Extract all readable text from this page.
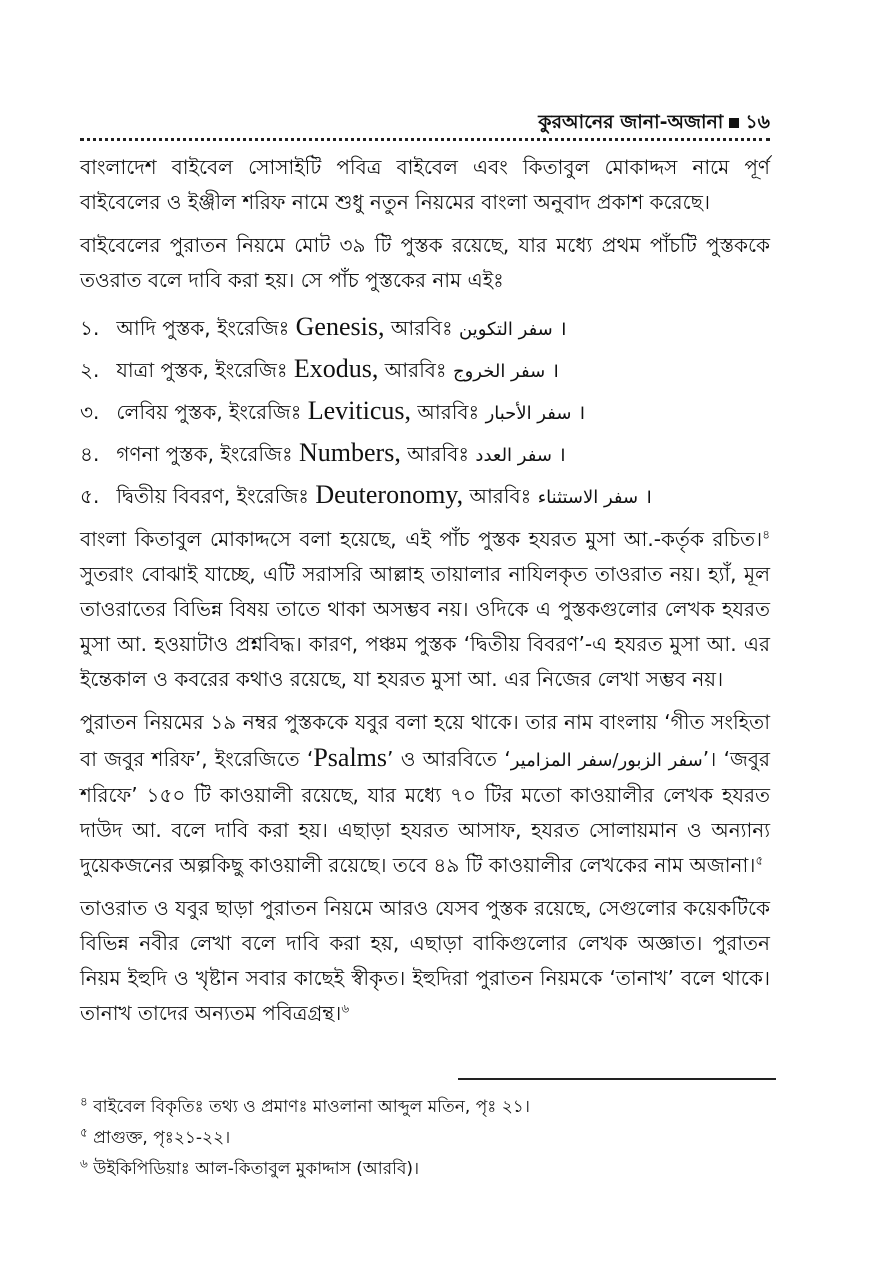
কুরআনের জানা-অজানা ১৬

বাংলাদেশ বাইবেল সোসাইটি পবিত্র বাইবেল এবং কিতাবুল মোকাদ্দস নামে পূর্ণ বাইবেলের ও ইঞ্জীল শরিফ নামে শুধু নতুন নিয়মের বাংলা অনুবাদ প্রকাশ করেছে।

বাইবেলের পুরাতন নিয়মে মোট ৩৯ টি পুস্তক রয়েছে, যার মধ্যে প্রথম পাঁচটি পুস্তককে তওরাত বলে দাবি করা হয়। সে পাঁচ পুস্তকের নাম এইঃ

১. আদি পুস্তক, ইংরেজিঃ Genesis, আরবিঃ سفر التكوين ।
২. যাত্রা পুস্তক, ইংরেজিঃ Exodus, আরবিঃ سفر الخروج ।
৩. লেবিয় পুস্তক, ইংরেজিঃ Leviticus, আরবিঃ سفر الأحبار ।
৪. গণনা পুস্তক, ইংরেজিঃ Numbers, আরবিঃ سفر العدد ।
৫. দ্বিতীয় বিবরণ, ইংরেজিঃ Deuteronomy, আরবিঃ سفر الاستثناء ।

বাংলা কিতাবুল মোকাদ্দসে বলা হয়েছে, এই পাঁচ পুস্তক হযরত মুসা আ.-কর্তৃক রচিত।$^৪$ সুতরাং বোঝাই যাচ্ছে, এটি সরাসরি আল্লাহ তায়ালার নাযিলকৃত তাওরাত নয়। হ্যাঁ, মূল তাওরাতের বিভিন্ন বিষয় তাতে থাকা অসম্ভব নয়। ওদিকে এ পুস্তকগুলোর লেখক হযরত মুসা আ. হওয়াটাও প্রশ্নবিদ্ধ। কারণ, পঞ্চম পুস্তক ‘দ্বিতীয় বিবরণ’-এ হযরত মুসা আ. এর ইন্তেকাল ও কবরের কথাও রয়েছে, যা হযরত মুসা আ. এর নিজের লেখা সম্ভব নয়।

পুরাতন নিয়মের ১৯ নম্বর পুস্তককে যবুর বলা হয়ে থাকে। তার নাম বাংলায় ‘গীত সংহিতা বা জবুর শরিফ’, ইংরেজিতে ‘Psalms’ ও আরবিতে ‘سفر الزبور/سفر المزامير’। ‘জবুর শরিফে’ ১৫০ টি কাওয়ালী রয়েছে, যার মধ্যে ৭০ টির মতো কাওয়ালীর লেখক হযরত দাউদ আ. বলে দাবি করা হয়। এছাড়া হযরত আসাফ, হযরত সোলায়মান ও অন্যান্য দুয়েকজনের অল্পকিছু কাওয়ালী রয়েছে। তবে ৪৯ টি কাওয়ালীর লেখকের নাম অজানা।$^৫$

তাওরাত ও যবুর ছাড়া পুরাতন নিয়মে আরও যেসব পুস্তক রয়েছে, সেগুলোর কয়েকটিকে বিভিন্ন নবীর লেখা বলে দাবি করা হয়, এছাড়া বাকিগুলোর লেখক অজ্ঞাত। পুরাতন নিয়ম ইহুদি ও খৃষ্টান সবার কাছেই স্বীকৃত। ইহুদিরা পুরাতন নিয়মকে ‘তানাখ’ বলে থাকে। তানাখ তাদের অন্যতম পবিত্রগ্রন্থ।$^৬$

$^৪$ বাইবেল বিকৃতিঃ তথ্য ও প্রমাণঃ মাওলানা আব্দুল মতিন, পৃঃ ২১।
$^৫$ প্রাগুক্ত, পৃঃ২১-২২।
$^৬$ উইকিপিডিয়াঃ আল-কিতাবুল মুকাদ্দাস (আরবি)।
